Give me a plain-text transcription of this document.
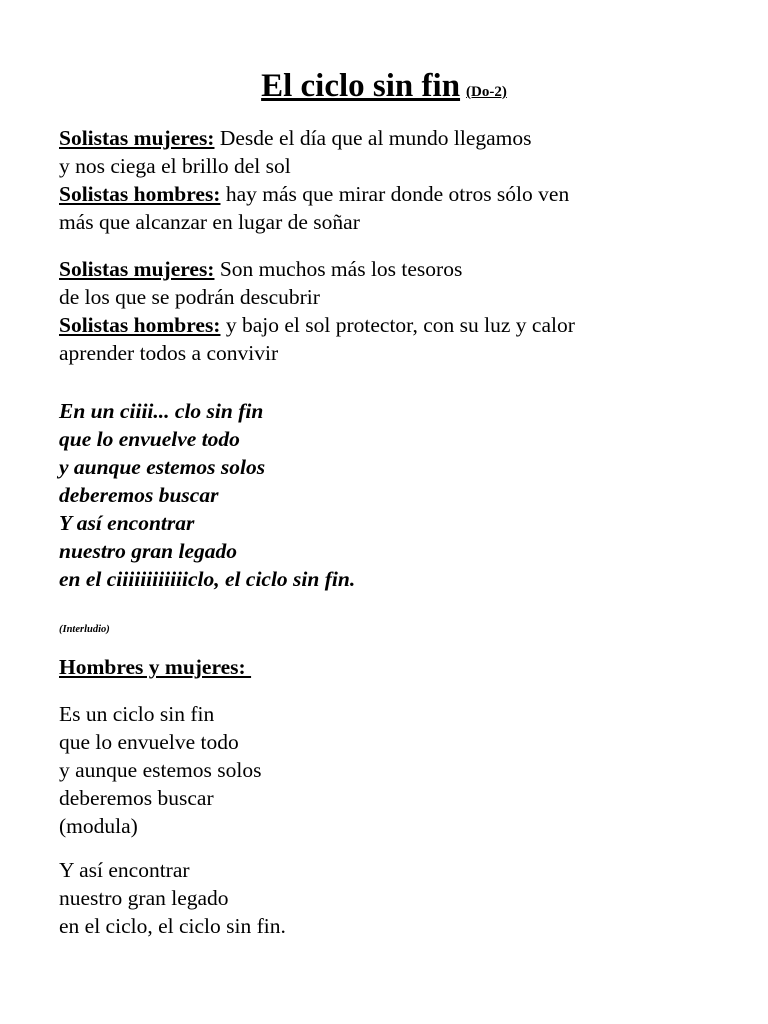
El ciclo sin fin (Do-2)
Solistas mujeres: Desde el día que al mundo llegamos
y nos ciega el brillo del sol
Solistas hombres: hay más que mirar donde otros sólo ven
más que alcanzar en lugar de soñar
Solistas mujeres: Son muchos más los tesoros
de los que se podrán descubrir
Solistas hombres: y bajo el sol protector, con su luz y calor
aprender todos a convivir
En un ciiii... clo sin fin
que lo envuelve todo
y aunque estemos solos
deberemos buscar
Y así encontrar
nuestro gran legado
en el ciiiiiiiiiiiiclo, el ciclo sin fin.
(Interludio)
Hombres y mujeres:
Es un ciclo sin fin
que lo envuelve todo
y aunque estemos solos
deberemos buscar
(modula)
Y así encontrar
nuestro gran legado
en el ciclo, el ciclo sin fin.
